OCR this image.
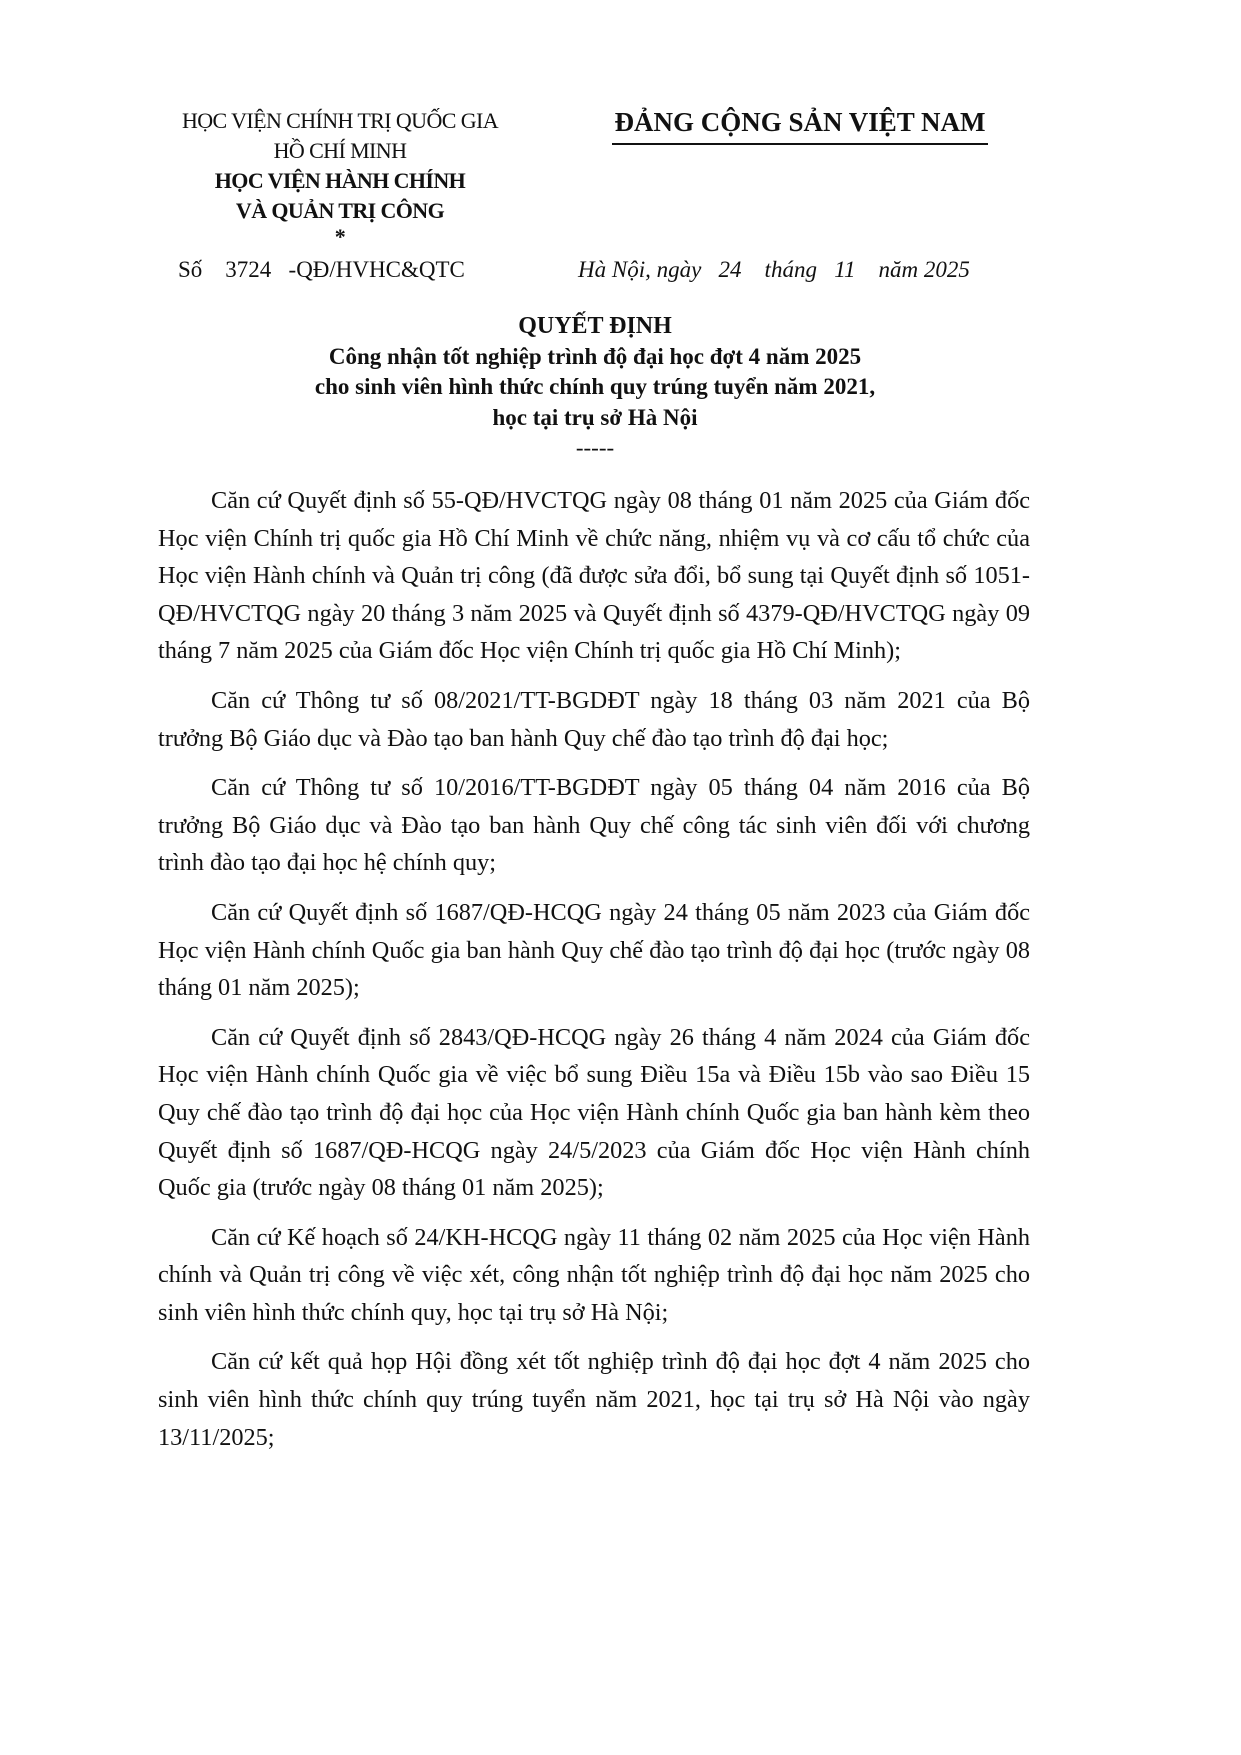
HỌC VIỆN CHÍNH TRỊ QUỐC GIA
HỒ CHÍ MINH
HỌC VIỆN HÀNH CHÍNH
VÀ QUẢN TRỊ CÔNG
*
ĐẢNG CỘNG SẢN VIỆT NAM
Số    3724   -QĐ/HVHC&QTC	Hà Nội, ngày   24    tháng   11    năm 2025
QUYẾT ĐỊNH
Công nhận tốt nghiệp trình độ đại học đợt 4 năm 2025
cho sinh viên hình thức chính quy trúng tuyển năm 2021,
học tại trụ sở Hà Nội
-----

Căn cứ Quyết định số 55-QĐ/HVCTQG ngày 08 tháng 01 năm 2025 của Giám đốc Học viện Chính trị quốc gia Hồ Chí Minh về chức năng, nhiệm vụ và cơ cấu tổ chức của Học viện Hành chính và Quản trị công (đã được sửa đổi, bổ sung tại Quyết định số 1051-QĐ/HVCTQG ngày 20 tháng 3 năm 2025 và Quyết định số 4379-QĐ/HVCTQG ngày 09 tháng 7 năm 2025 của Giám đốc Học viện Chính trị quốc gia Hồ Chí Minh);

Căn cứ Thông tư số 08/2021/TT-BGDĐT ngày 18 tháng 03 năm 2021 của Bộ trưởng Bộ Giáo dục và Đào tạo ban hành Quy chế đào tạo trình độ đại học;

Căn cứ Thông tư số 10/2016/TT-BGDĐT ngày 05 tháng 04 năm 2016 của Bộ trưởng Bộ Giáo dục và Đào tạo ban hành Quy chế công tác sinh viên đối với chương trình đào tạo đại học hệ chính quy;

Căn cứ Quyết định số 1687/QĐ-HCQG ngày 24 tháng 05 năm 2023 của Giám đốc Học viện Hành chính Quốc gia ban hành Quy chế đào tạo trình độ đại học (trước ngày 08 tháng 01 năm 2025);

Căn cứ Quyết định số 2843/QĐ-HCQG ngày 26 tháng 4 năm 2024 của Giám đốc Học viện Hành chính Quốc gia về việc bổ sung Điều 15a và Điều 15b vào sao Điều 15 Quy chế đào tạo trình độ đại học của Học viện Hành chính Quốc gia ban hành kèm theo Quyết định số 1687/QĐ-HCQG ngày 24/5/2023 của Giám đốc Học viện Hành chính Quốc gia (trước ngày 08 tháng 01 năm 2025);

Căn cứ Kế hoạch số 24/KH-HCQG ngày 11 tháng 02 năm 2025 của Học viện Hành chính và Quản trị công về việc xét, công nhận tốt nghiệp trình độ đại học năm 2025 cho sinh viên hình thức chính quy, học tại trụ sở Hà Nội;

Căn cứ kết quả họp Hội đồng xét tốt nghiệp trình độ đại học đợt 4 năm 2025 cho sinh viên hình thức chính quy trúng tuyển năm 2021, học tại trụ sở Hà Nội vào ngày 13/11/2025;
